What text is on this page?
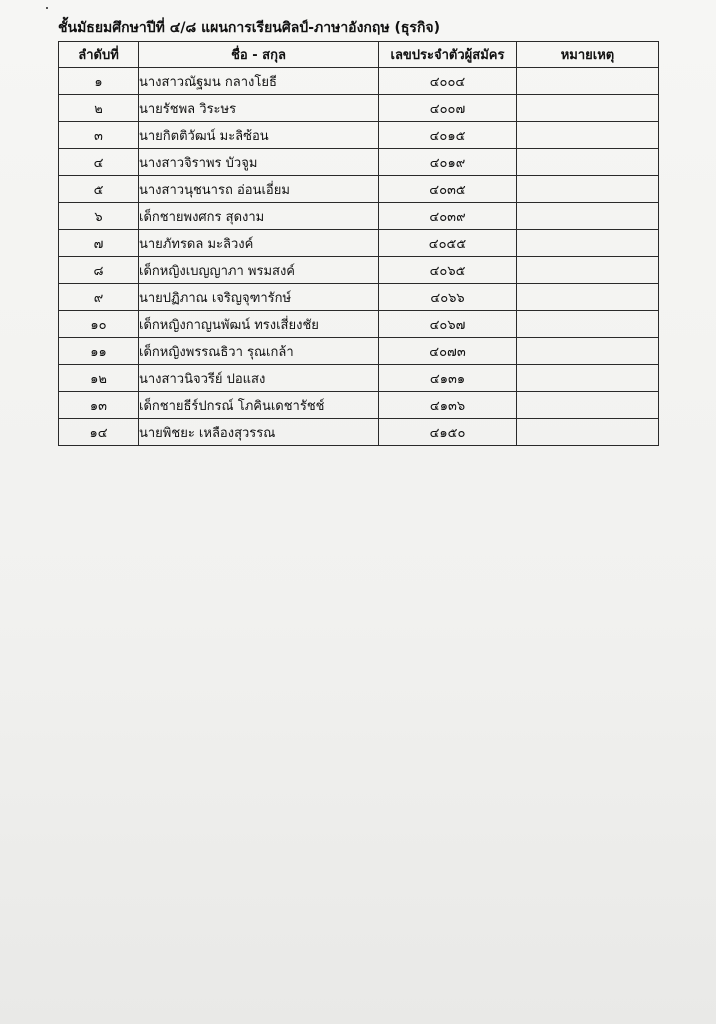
ชั้นมัธยมศึกษาปีที่ ๔/๘ แผนการเรียนศิลป์-ภาษาอังกฤษ (ธุรกิจ)
ลำดับที่	ชื่อ - สกุล	เลขประจำตัวผู้สมัคร	หมายเหตุ
๑	นางสาวณัฐมน กลางโยธี	๔๐๐๔	
๒	นายรัชพล วิระษร	๔๐๐๗	
๓	นายกิตติวัฒน์ มะลิซ้อน	๔๐๑๕	
๔	นางสาวจิราพร บัวจูม	๔๐๑๙	
๕	นางสาวนุชนารถ อ่อนเอี่ยม	๔๐๓๕	
๖	เด็กชายพงศกร สุดงาม	๔๐๓๙	
๗	นายภัทรดล มะลิวงค์	๔๐๕๕	
๘	เด็กหญิงเบญญาภา พรมสงค์	๔๐๖๕	
๙	นายปฏิภาณ เจริญจุฑารักษ์	๔๐๖๖	
๑๐	เด็กหญิงกาญนพัฒน์ ทรงเสี่ยงชัย	๔๐๖๗	
๑๑	เด็กหญิงพรรณธิวา รุณเกล้า	๔๐๗๓	
๑๒	นางสาวนิจวรีย์ ปอแสง	๔๑๓๑	
๑๓	เด็กชายธีร์ปกรณ์ โภคินเดชารัชช์	๔๑๓๖	
๑๔	นายพิชยะ เหลืองสุวรรณ	๔๑๕๐	
